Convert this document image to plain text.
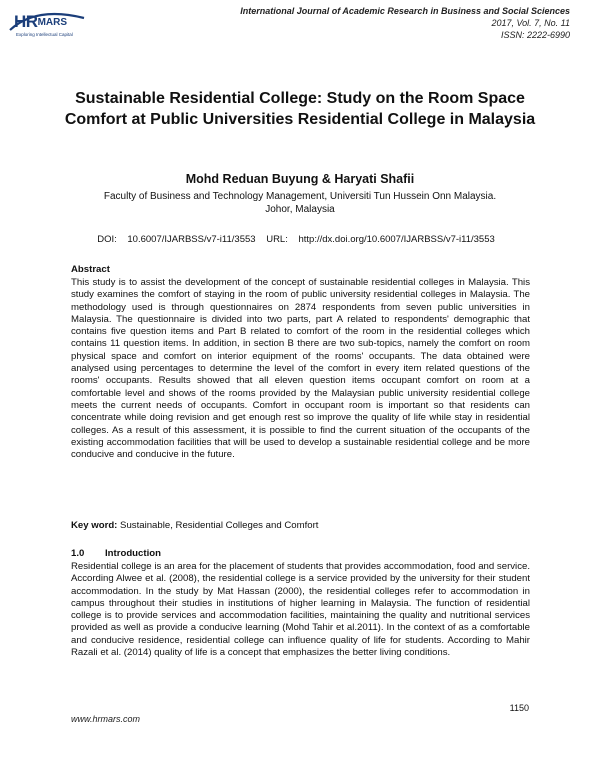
HRMARS
Exploring Intellectual Capital
International Journal of Academic Research in Business and Social Sciences
2017, Vol. 7, No. 11
ISSN: 2222-6990
Sustainable Residential College: Study on the Room Space Comfort at Public Universities Residential College in Malaysia
Mohd Reduan Buyung & Haryati Shafii
Faculty of Business and Technology Management, Universiti Tun Hussein Onn Malaysia.
Johor, Malaysia
DOI: 10.6007/IJARBSS/v7-i11/3553 URL: http://dx.doi.org/10.6007/IJARBSS/v7-i11/3553
Abstract
This study is to assist the development of the concept of sustainable residential colleges in Malaysia. This study examines the comfort of staying in the room of public university residential colleges in Malaysia. The methodology used is through questionnaires on 2874 respondents from seven public universities in Malaysia. The questionnaire is divided into two parts, part A related to respondents' demographic that contains five question items and Part B related to comfort of the room in the residential colleges which contains 11 question items. In addition, in section B there are two sub-topics, namely the comfort on room physical space and comfort on interior equipment of the rooms' occupants. The data obtained were analysed using percentages to determine the level of the comfort in every item related questions of the rooms' occupants. Results showed that all eleven question items occupant comfort on room at a comfortable level and shows of the rooms provided by the Malaysian public university residential college meets the current needs of occupants. Comfort in occupant room is important so that residents can concentrate while doing revision and get enough rest so improve the quality of life while stay in residential colleges. As a result of this assessment, it is possible to find the current situation of the occupants of the existing accommodation facilities that will be used to develop a sustainable residential college and be more conducive and conducive in the future.
Key word: Sustainable, Residential Colleges and Comfort
1.0 Introduction
Residential college is an area for the placement of students that provides accommodation, food and service. According Alwee et al. (2008), the residential college is a service provided by the university for their student accommodation. In the study by Mat Hassan (2000), the residential colleges refer to accommodation in campus throughout their studies in institutions of higher learning in Malaysia. The function of residential college is to provide services and accommodation facilities, maintaining the quality and nutritional services provided as well as provide a conducive learning (Mohd Tahir et al.2011). In the context of as a comfortable and conducive residence, residential college can influence quality of life for students. According to Mahir Razali et al. (2014) quality of life is a concept that emphasizes the better living conditions.
1150
www.hrmars.com
